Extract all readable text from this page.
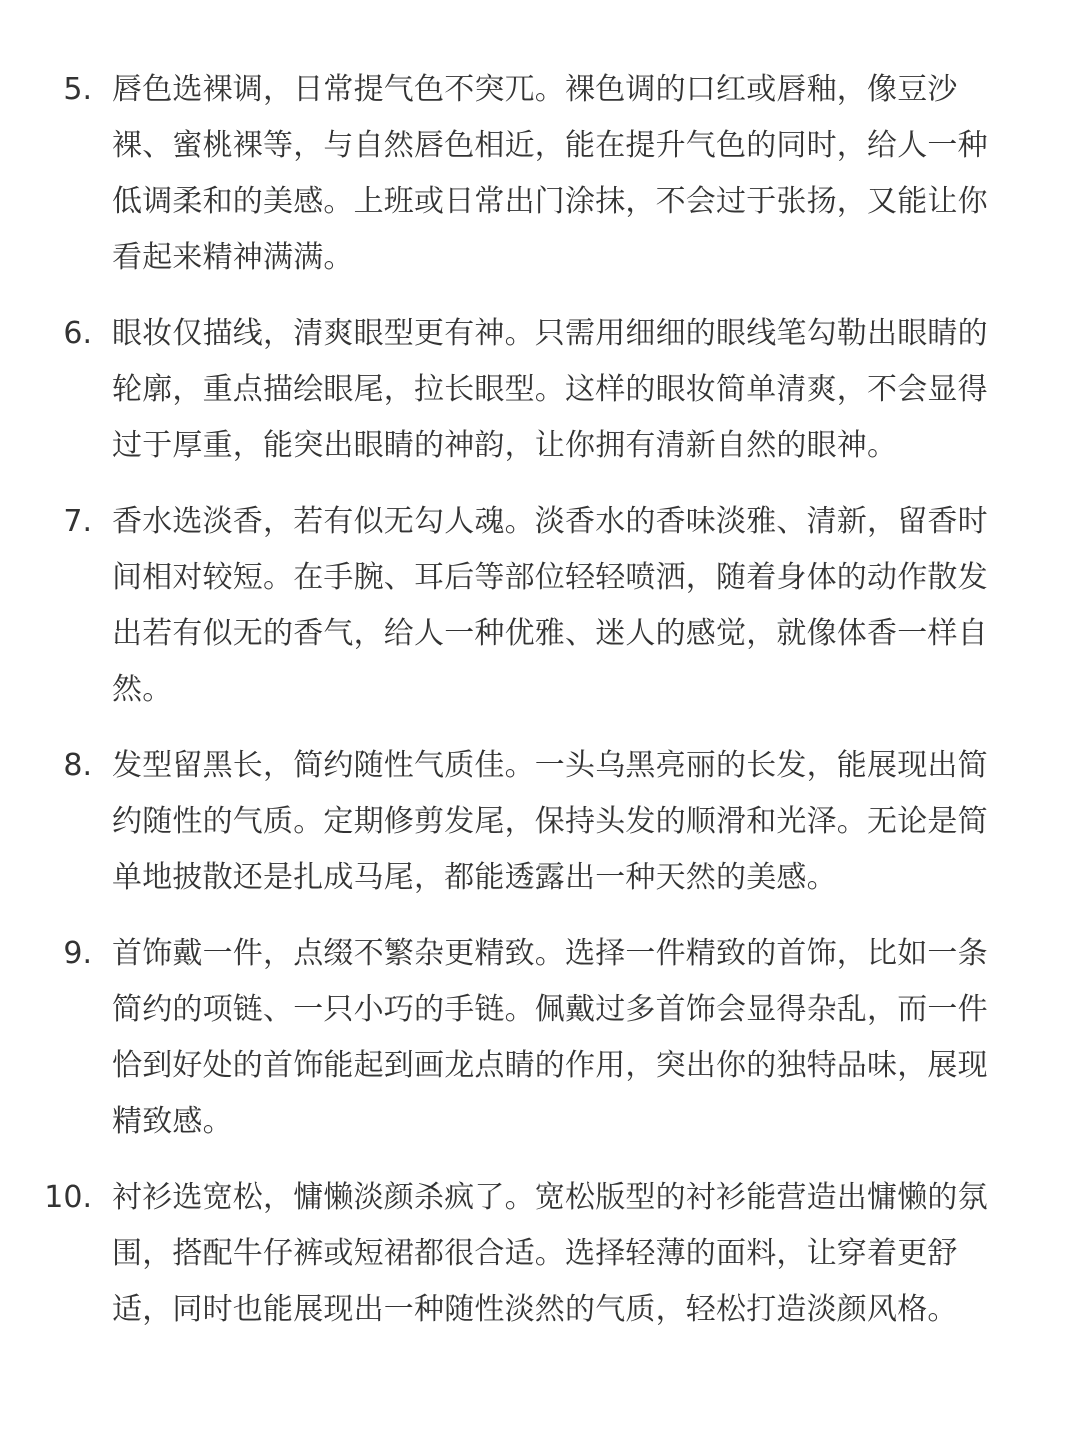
5. 唇色选裸调，日常提气色不突兀。裸色调的口红或唇釉，像豆沙裸、蜜桃裸等，与自然唇色相近，能在提升气色的同时，给人一种低调柔和的美感。上班或日常出门涂抹，不会过于张扬，又能让你看起来精神满满。
6. 眼妆仅描线，清爽眼型更有神。只需用细细的眼线笔勾勒出眼睛的轮廓，重点描绘眼尾，拉长眼型。这样的眼妆简单清爽，不会显得过于厚重，能突出眼睛的神韵，让你拥有清新自然的眼神。
7. 香水选淡香，若有似无勾人魂。淡香水的香味淡雅、清新，留香时间相对较短。在手腕、耳后等部位轻轻喷洒，随着身体的动作散发出若有似无的香气，给人一种优雅、迷人的感觉，就像体香一样自然。
8. 发型留黑长，简约随性气质佳。一头乌黑亮丽的长发，能展现出简约随性的气质。定期修剪发尾，保持头发的顺滑和光泽。无论是简单地披散还是扎成马尾，都能透露出一种天然的美感。
9. 首饰戴一件，点缀不繁杂更精致。选择一件精致的首饰，比如一条简约的项链、一只小巧的手链。佩戴过多首饰会显得杂乱，而一件恰到好处的首饰能起到画龙点睛的作用，突出你的独特品味，展现精致感。
10. 衬衫选宽松，慵懒淡颜杀疯了。宽松版型的衬衫能营造出慵懒的氛围，搭配牛仔裤或短裙都很合适。选择轻薄的面料，让穿着更舒适，同时也能展现出一种随性淡然的气质，轻松打造淡颜风格。
